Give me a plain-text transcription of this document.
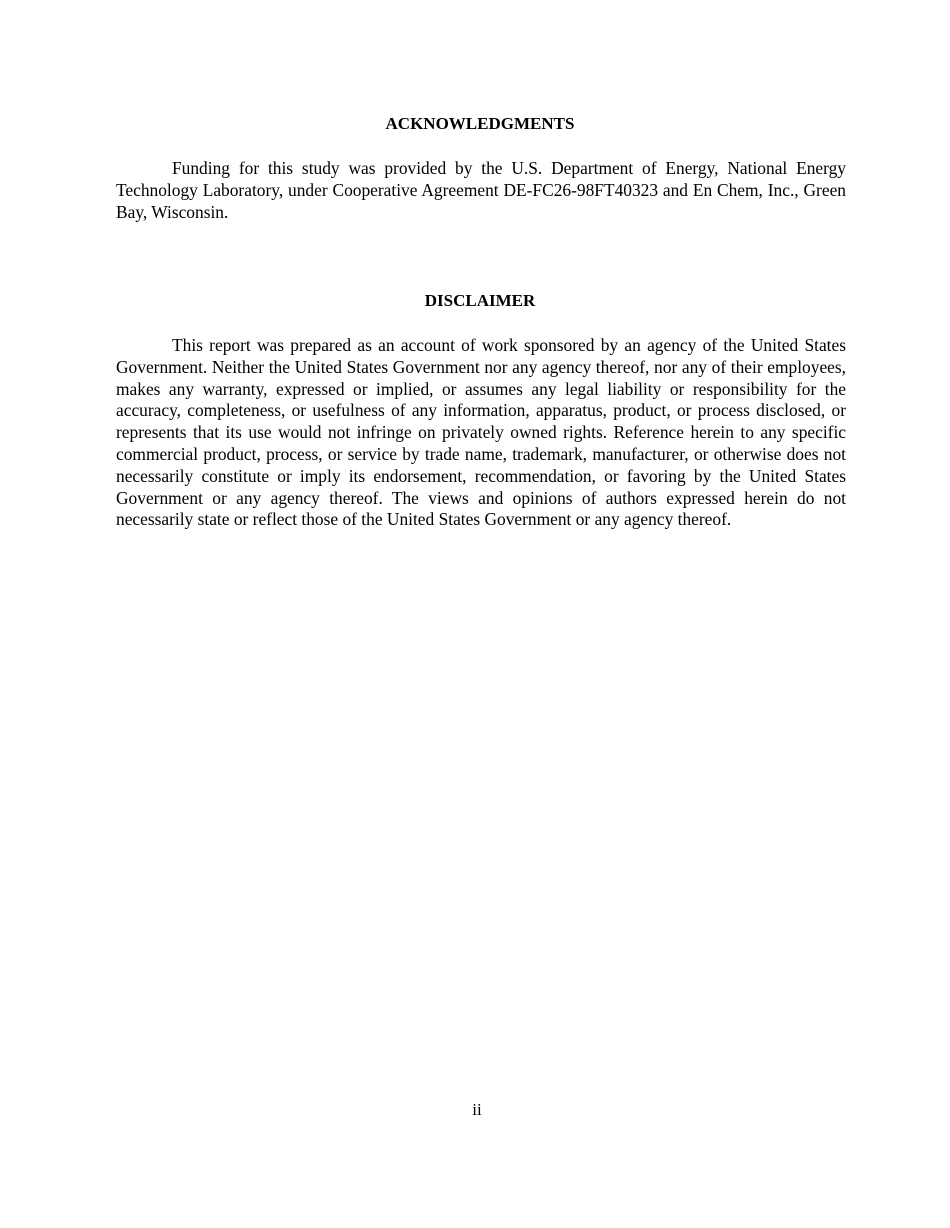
ACKNOWLEDGMENTS

Funding for this study was provided by the U.S. Department of Energy, National Energy Technology Laboratory, under Cooperative Agreement DE-FC26-98FT40323 and En Chem, Inc., Green Bay, Wisconsin.

DISCLAIMER

This report was prepared as an account of work sponsored by an agency of the United States Government. Neither the United States Government nor any agency thereof, nor any of their employees, makes any warranty, expressed or implied, or assumes any legal liability or responsibility for the accuracy, completeness, or usefulness of any information, apparatus, product, or process disclosed, or represents that its use would not infringe on privately owned rights. Reference herein to any specific commercial product, process, or service by trade name, trademark, manufacturer, or otherwise does not necessarily constitute or imply its endorsement, recommendation, or favoring by the United States Government or any agency thereof. The views and opinions of authors expressed herein do not necessarily state or reflect those of the United States Government or any agency thereof.

ii
